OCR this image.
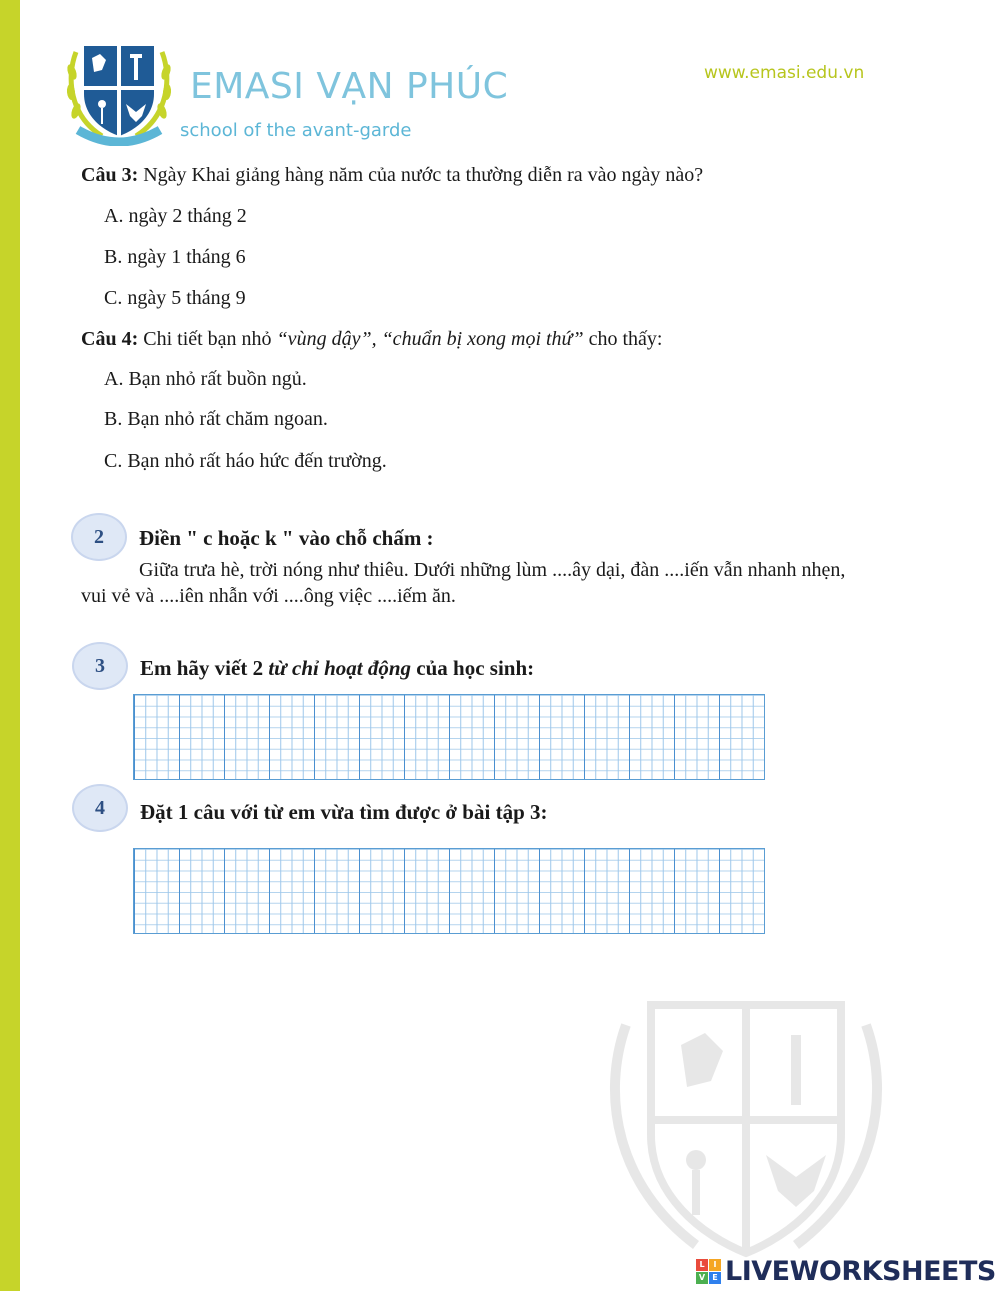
EMASI VẠN PHÚC
school of the avant-garde
www.emasi.edu.vn
Câu 3: Ngày Khai giảng hàng năm của nước ta thường diễn ra vào ngày nào?
A. ngày 2 tháng 2
B. ngày 1 tháng 6
C. ngày 5 tháng 9
Câu 4: Chi tiết bạn nhỏ “vùng dậy”, “chuẩn bị xong mọi thứ” cho thấy:
A. Bạn nhỏ rất buồn ngủ.
B. Bạn nhỏ rất chăm ngoan.
C. Bạn nhỏ rất háo hức đến trường.
2	Điền " c hoặc k " vào chỗ chấm :
Giữa trưa hè, trời nóng như thiêu. Dưới những lùm ....ây dại, đàn ....iến vẫn nhanh nhẹn,
vui vẻ và ....iên nhẫn với ....ông việc ....iếm ăn.
3	Em hãy viết 2 từ chỉ hoạt động của học sinh:
4	Đặt 1 câu với từ em vừa tìm được ở bài tập 3:
L	I
V E LIVEWORKSHEETS
